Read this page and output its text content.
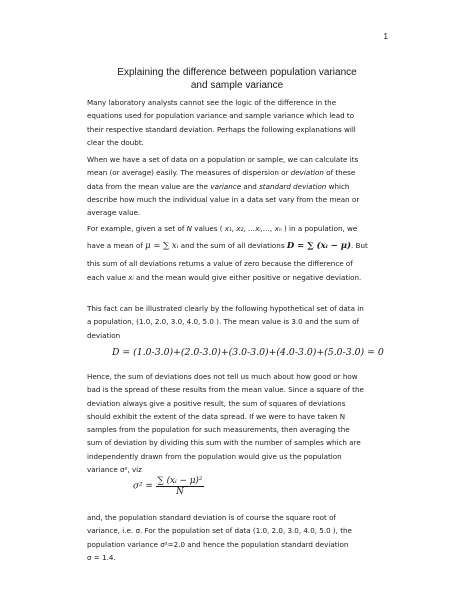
1
Explaining the difference between population variance
and sample variance
Many laboratory analysts cannot see the logic of the difference in the
equations used for population variance and sample variance which lead to
their respective standard deviation. Perhaps the following explanations will
clear the doubt.
When we have a set of data on a population or sample, we can calculate its
mean (or average) easily. The measures of dispersion or deviation of these
data from the mean value are the variance and standard deviation which
describe how much the individual value in a data set vary from the mean or
average value.
For example, given a set of N values ( x₁, x₂, …xᵢ,…, xₙ ) in a population, we
have a mean of μ = ∑ xᵢ and the sum of all deviations D = ∑ (xᵢ − μ). But
this sum of all deviations returns a value of zero because the difference of
each value xᵢ and the mean would give either positive or negative deviation.
This fact can be illustrated clearly by the following hypothetical set of data in
a population, (1.0, 2.0, 3.0, 4.0, 5.0 ). The mean value is 3.0 and the sum of
deviation
D = (1.0-3.0)+(2.0-3.0)+(3.0-3.0)+(4.0-3.0)+(5.0-3.0) = 0
Hence, the sum of deviations does not tell us much about how good or how
bad is the spread of these results from the mean value. Since a square of the
deviation always give a positive result, the sum of squares of deviations
should exhibit the extent of the data spread. If we were to have taken N
samples from the population for such measurements, then averaging the
sum of deviation by dividing this sum with the number of samples which are
independently drawn from the population would give us the population
variance σ², viz
$\sigma^2 = \frac{\text{∑ (xᵢ − μ)²}}{N}$
and, the population standard deviation is of course the square root of
variance, i.e. σ. For the population set of data (1.0, 2.0, 3.0, 4.0, 5.0 ), the
population variance σ²=2.0 and hence the population standard deviation
σ = 1.4.
